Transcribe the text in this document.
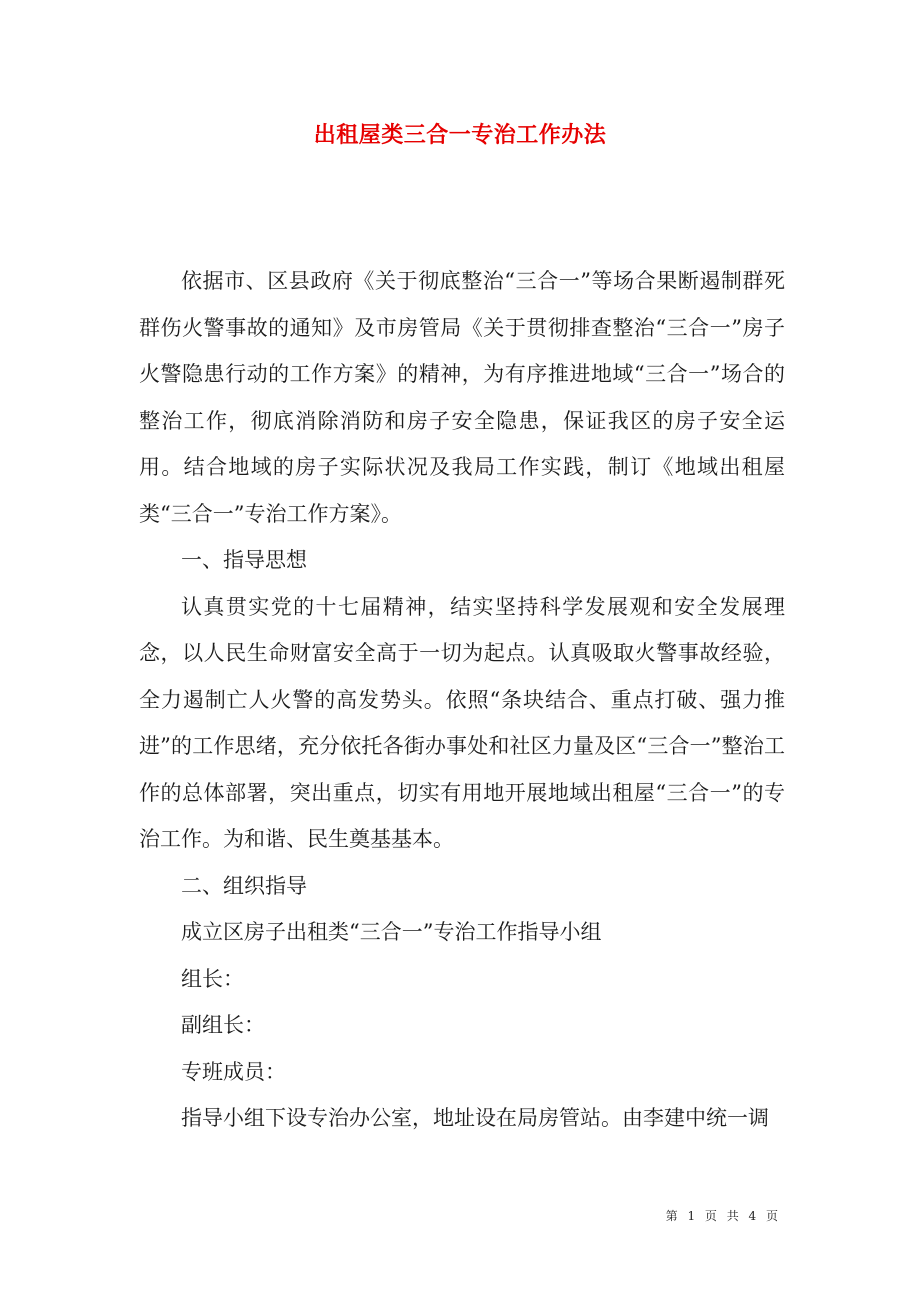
出租屋类三合一专治工作办法

依据市、区县政府《关于彻底整治“三合一”等场合果断遏制群死群伤火警事故的通知》及市房管局《关于贯彻排查整治“三合一”房子火警隐患行动的工作方案》的精神，为有序推进地域“三合一”场合的整治工作，彻底消除消防和房子安全隐患，保证我区的房子安全运用。结合地域的房子实际状况及我局工作实践，制订《地域出租屋类“三合一”专治工作方案》。

一、指导思想

认真贯实党的十七届精神，结实坚持科学发展观和安全发展理念，以人民生命财富安全高于一切为起点。认真吸取火警事故经验，全力遏制亡人火警的高发势头。依照“条块结合、重点打破、强力推进”的工作思绪，充分依托各街办事处和社区力量及区“三合一”整治工作的总体部署，突出重点，切实有用地开展地域出租屋“三合一”的专治工作。为和谐、民生奠基基本。

二、组织指导

成立区房子出租类“三合一”专治工作指导小组

组长：

副组长：

专班成员：

指导小组下设专治办公室，地址设在局房管站。由李建中统一调

第 1 页 共 4 页
